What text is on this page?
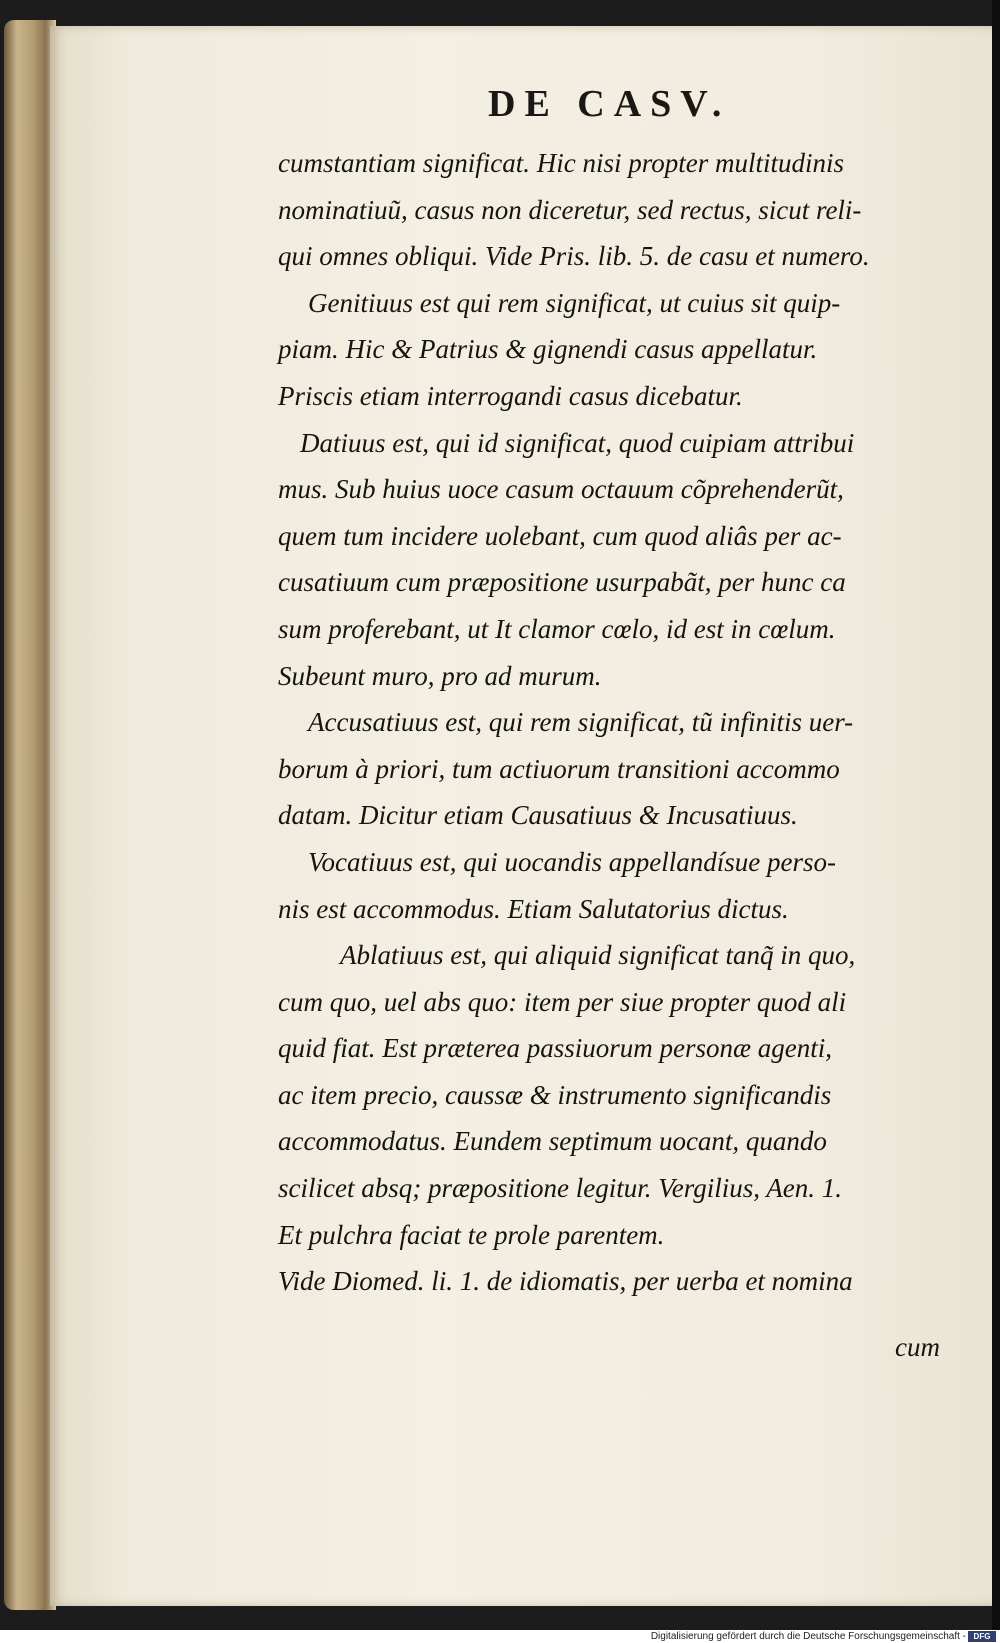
DE CASV.
cumstantiam significat. Hic nisi propter multitudinis
nominatiuũ, casus non diceretur, sed rectus, sicut reli-
qui omnes obliqui. Vide Pris. lib. 5. de casu et numero.
Genitiuus est qui rem significat, ut cuius sit quip-
piam. Hic & Patrius & gignendi casus appellatur.
Priscis etiam interrogandi casus dicebatur.
Datiuus est, qui id significat, quod cuipiam attribui
mus. Sub huius uoce casum octauum cõprehenderũt,
quem tum incidere uolebant, cum quod aliâs per ac-
cusatiuum cum præpositione usurpabãt, per hunc ca
sum proferebant, ut It clamor cœlo, id est in cœlum.
Subeunt muro, pro ad murum.
Accusatiuus est, qui rem significat, tũ infinitis uer-
borum à priori, tum actiuorum transitioni accommo
datam. Dicitur etiam Causatiuus & Incusatiuus.
Vocatiuus est, qui uocandis appellandísue perso-
nis est accommodus. Etiam Salutatorius dictus.
Ablatiuus est, qui aliquid significat tanq̃ in quo,
cum quo, uel abs quo: item per siue propter quod ali
quid fiat. Est præterea passiuorum personæ agenti,
ac item precio, caussæ & instrumento significandis
accommodatus. Eundem septimum uocant, quando
scilicet absq; præpositione legitur. Vergilius, Aen. 1.
Et pulchra faciat te prole parentem.
Vide Diomed. li. 1. de idiomatis, per uerba et nomina
cum
Digitalisierung gefördert durch die Deutsche Forschungsgemeinschaft - DFG
